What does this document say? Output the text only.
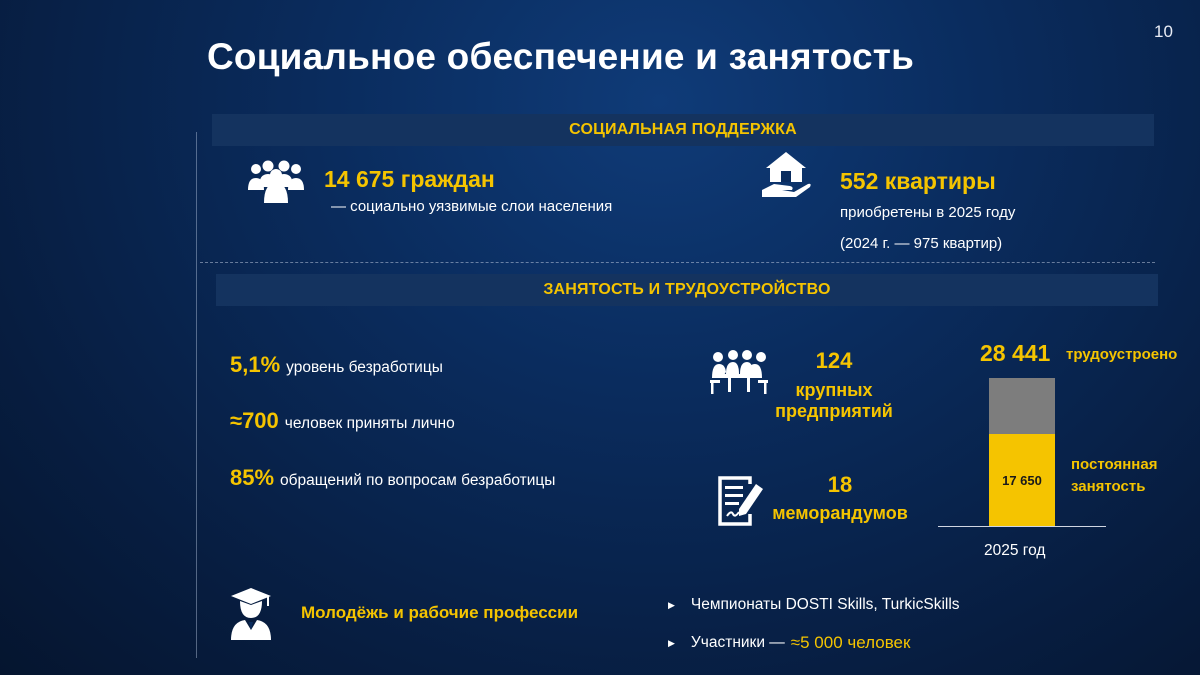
10
Социальное обеспечение и занятость
СОЦИАЛЬНАЯ ПОДДЕРЖКА
14 675 граждан
— социально уязвимые слои населения
552 квартиры
приобретены в 2025 году
(2024 г. — 975 квартир)
ЗАНЯТОСТЬ И ТРУДОУСТРОЙСТВО
5,1% уровень безработицы
≈700 человек приняты лично
85% обращений по вопросам безработицы
124
крупных
предприятий
18
меморандумов
28 441 трудоустроено
17 650
постоянная
занятость
2025 год
Молодёжь и рабочие профессии	▶ Чемпионаты DOSTI Skills, TurkicSkills
▶ Участники — ≈5 000 человек
